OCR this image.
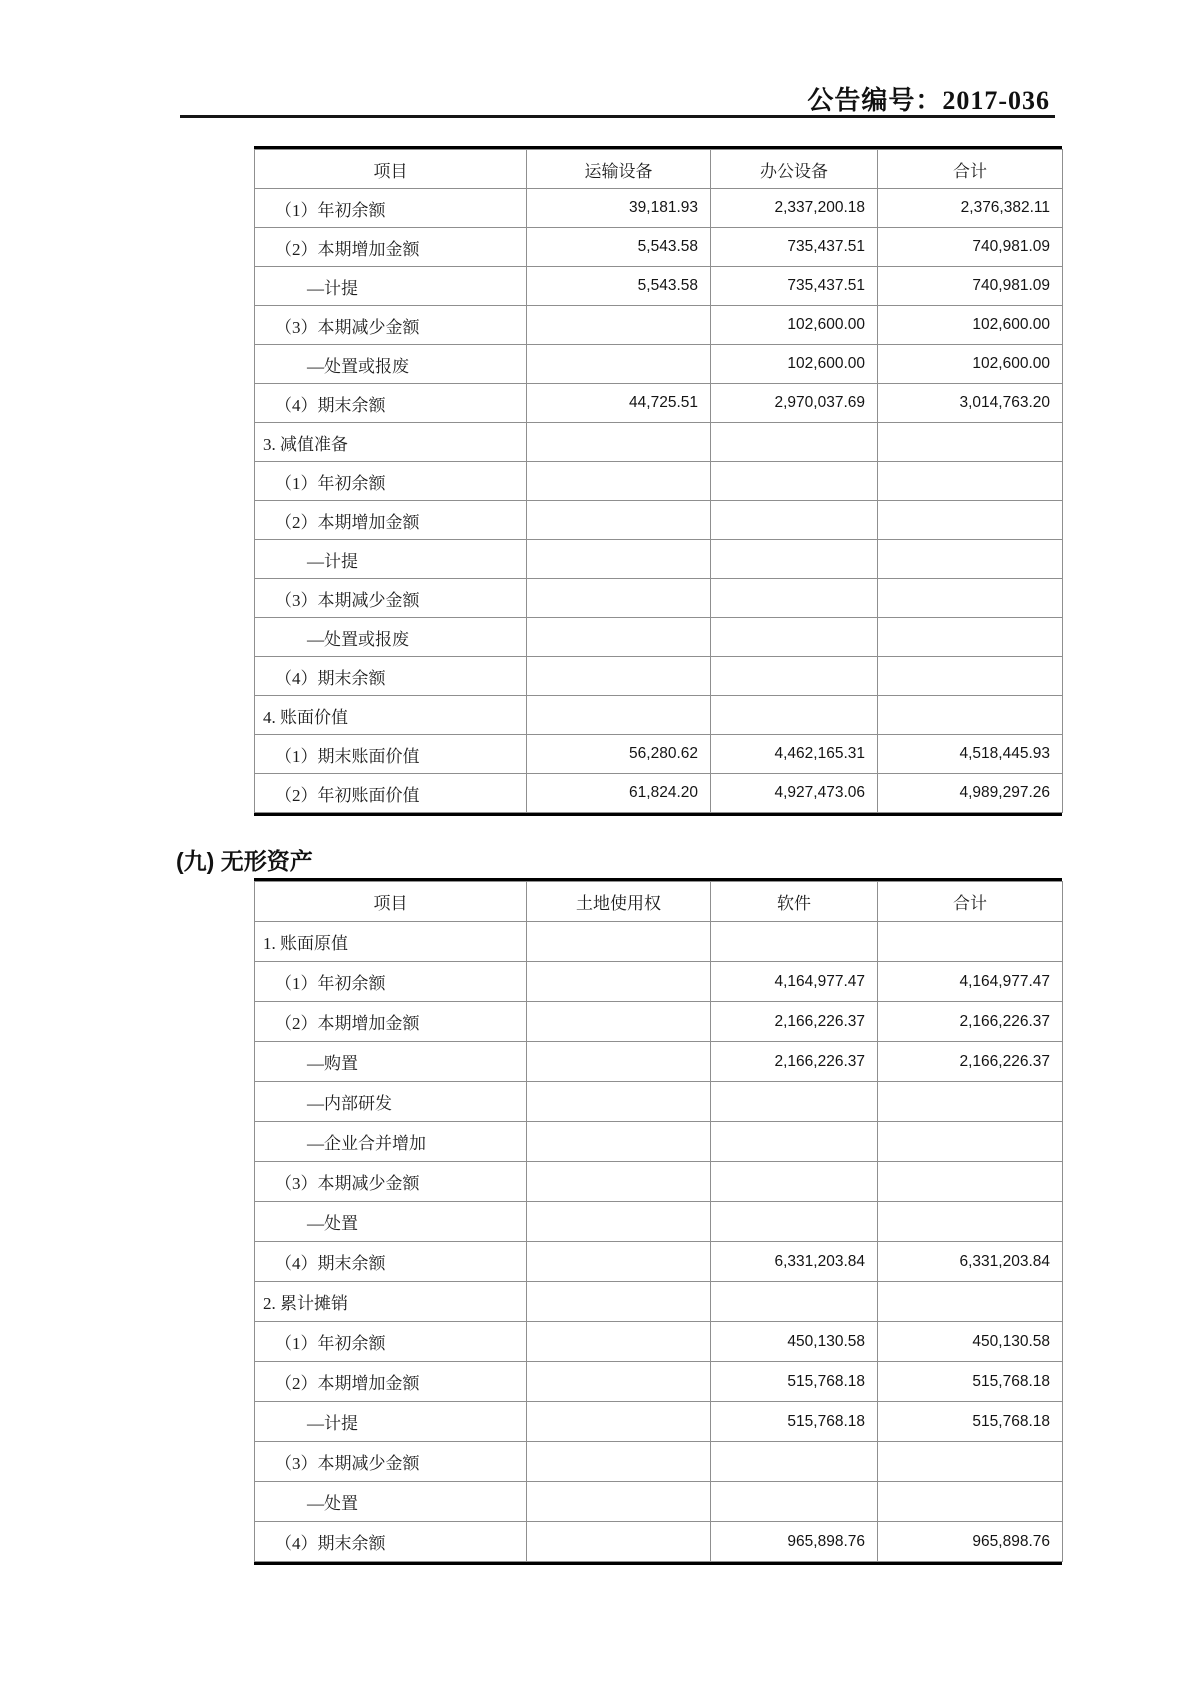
公告编号：2017-036
项目	运输设备	办公设备	合计
（1）年初余额	39,181.93	2,337,200.18	2,376,382.11
（2）本期增加金额	5,543.58	735,437.51	740,981.09
—计提	5,543.58	735,437.51	740,981.09
（3）本期减少金额		102,600.00	102,600.00
—处置或报废		102,600.00	102,600.00
（4）期末余额	44,725.51	2,970,037.69	3,014,763.20
3. 减值准备			
（1）年初余额			
（2）本期增加金额			
—计提			
（3）本期减少金额			
—处置或报废			
（4）期末余额			
4. 账面价值			
（1）期末账面价值	56,280.62	4,462,165.31	4,518,445.93
（2）年初账面价值	61,824.20	4,927,473.06	4,989,297.26
(九) 无形资产
项目	土地使用权	软件	合计
1. 账面原值			
（1）年初余额		4,164,977.47	4,164,977.47
（2）本期增加金额		2,166,226.37	2,166,226.37
—购置		2,166,226.37	2,166,226.37
—内部研发			
—企业合并增加			
（3）本期减少金额			
—处置			
（4）期末余额		6,331,203.84	6,331,203.84
2. 累计摊销			
（1）年初余额		450,130.58	450,130.58
（2）本期增加金额		515,768.18	515,768.18
—计提		515,768.18	515,768.18
（3）本期减少金额			
—处置			
（4）期末余额		965,898.76	965,898.76
